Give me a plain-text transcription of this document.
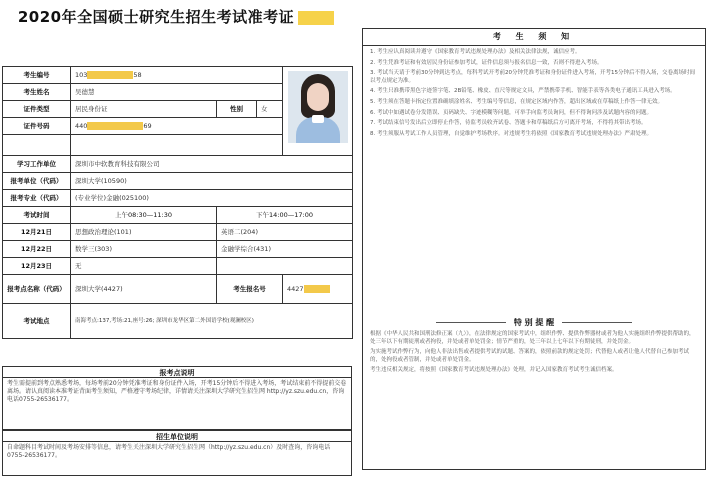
2020年全国硕士研究生招生考试准考证
考生编号	103 58			

考生姓名	吴德慧			
证件类型	居民身份证	性别	女	
证件号码	440 69			

学习工作单位	深圳市中软教育科技有限公司			
报考单位（代码）	深圳大学(10590)			
报考专业（代码）	(专业学位)金融(025100)			
考试时间	上午08:30—11:30	下午14:00—17:00		
12月21日	思想政治理论(101)	英语二(204)		
12月22日	数学三(303)	金融学综合(431)		
12月23日	无			
报考点名称（代码）	深圳大学(4427)	考生报名号		4427
考试地点	南海考点:137,考场:21,座号:26; 深圳市龙华区第二外国语学校(观澜校区)			
报考点说明
考生需提前到考点熟悉考场，每场考前20分钟凭准考证和身份证件入场，开考15分钟后不得进入考场，考试结束前不得提前交卷离场。请认真阅读本准考证背面考生须知，严格遵守考场纪律，详情请关注深圳大学研究生招生网 http://yz.szu.edu.cn，咨询电话0755-26536177。
招生单位说明
自命题科目考试时间及考场安排等信息，请考生关注深圳大学研究生招生网（http://yz.szu.edu.cn）及时查询，咨询电话0755-26536177。
考 生 须 知

1. 考生应认真阅读并遵守《国家教育考试违规处理办法》及相关法律法规，诚信应考。

2. 考生凭准考证和有效居民身份证参加考试，证件信息须与报名信息一致，否则不得进入考场。

3. 考试当天请于考前30分钟到达考点，每科考试开考前20分钟凭准考证和身份证件进入考场，开考15分钟后不得入场，交卷离场时间以考点规定为准。

4. 考生只准携带黑色字迹签字笔、2B铅笔、橡皮、直尺等规定文具，严禁携带手机、智能手表等各类电子通讯工具进入考场。

5. 考生须在答题卡指定位置准确填涂姓名、考生编号等信息，在规定区域内作答，超出区域或在草稿纸上作答一律无效。

6. 考试中如遇试卷分发错误、页码缺失、字迹模糊等问题，可举手向监考员询问，但不得询问涉及试题内容的问题。

7. 考试结束信号发出后立即停止作答，待监考员收齐试卷、答题卡和草稿纸后方可离开考场，不得将其带出考场。

8. 考生须服从考试工作人员管理，自觉维护考场秩序。对违规考生将依照《国家教育考试违规处理办法》严肃处理。

特 别 提 醒

根据《中华人民共和国刑法修正案（九）》，在法律规定的国家考试中，组织作弊、提供作弊器材或者为他人实施组织作弊提供帮助的，处三年以下有期徒刑或者拘役，并处或者单处罚金；情节严重的，处三年以上七年以下有期徒刑，并处罚金。

为实施考试作弊行为，向他人非法出售或者提供考试的试题、答案的，依照前款的规定处罚；代替他人或者让他人代替自己参加考试的，处拘役或者管制，并处或者单处罚金。

考生违反相关规定，将按照《国家教育考试违规处理办法》处理，并记入国家教育考试考生诚信档案。
